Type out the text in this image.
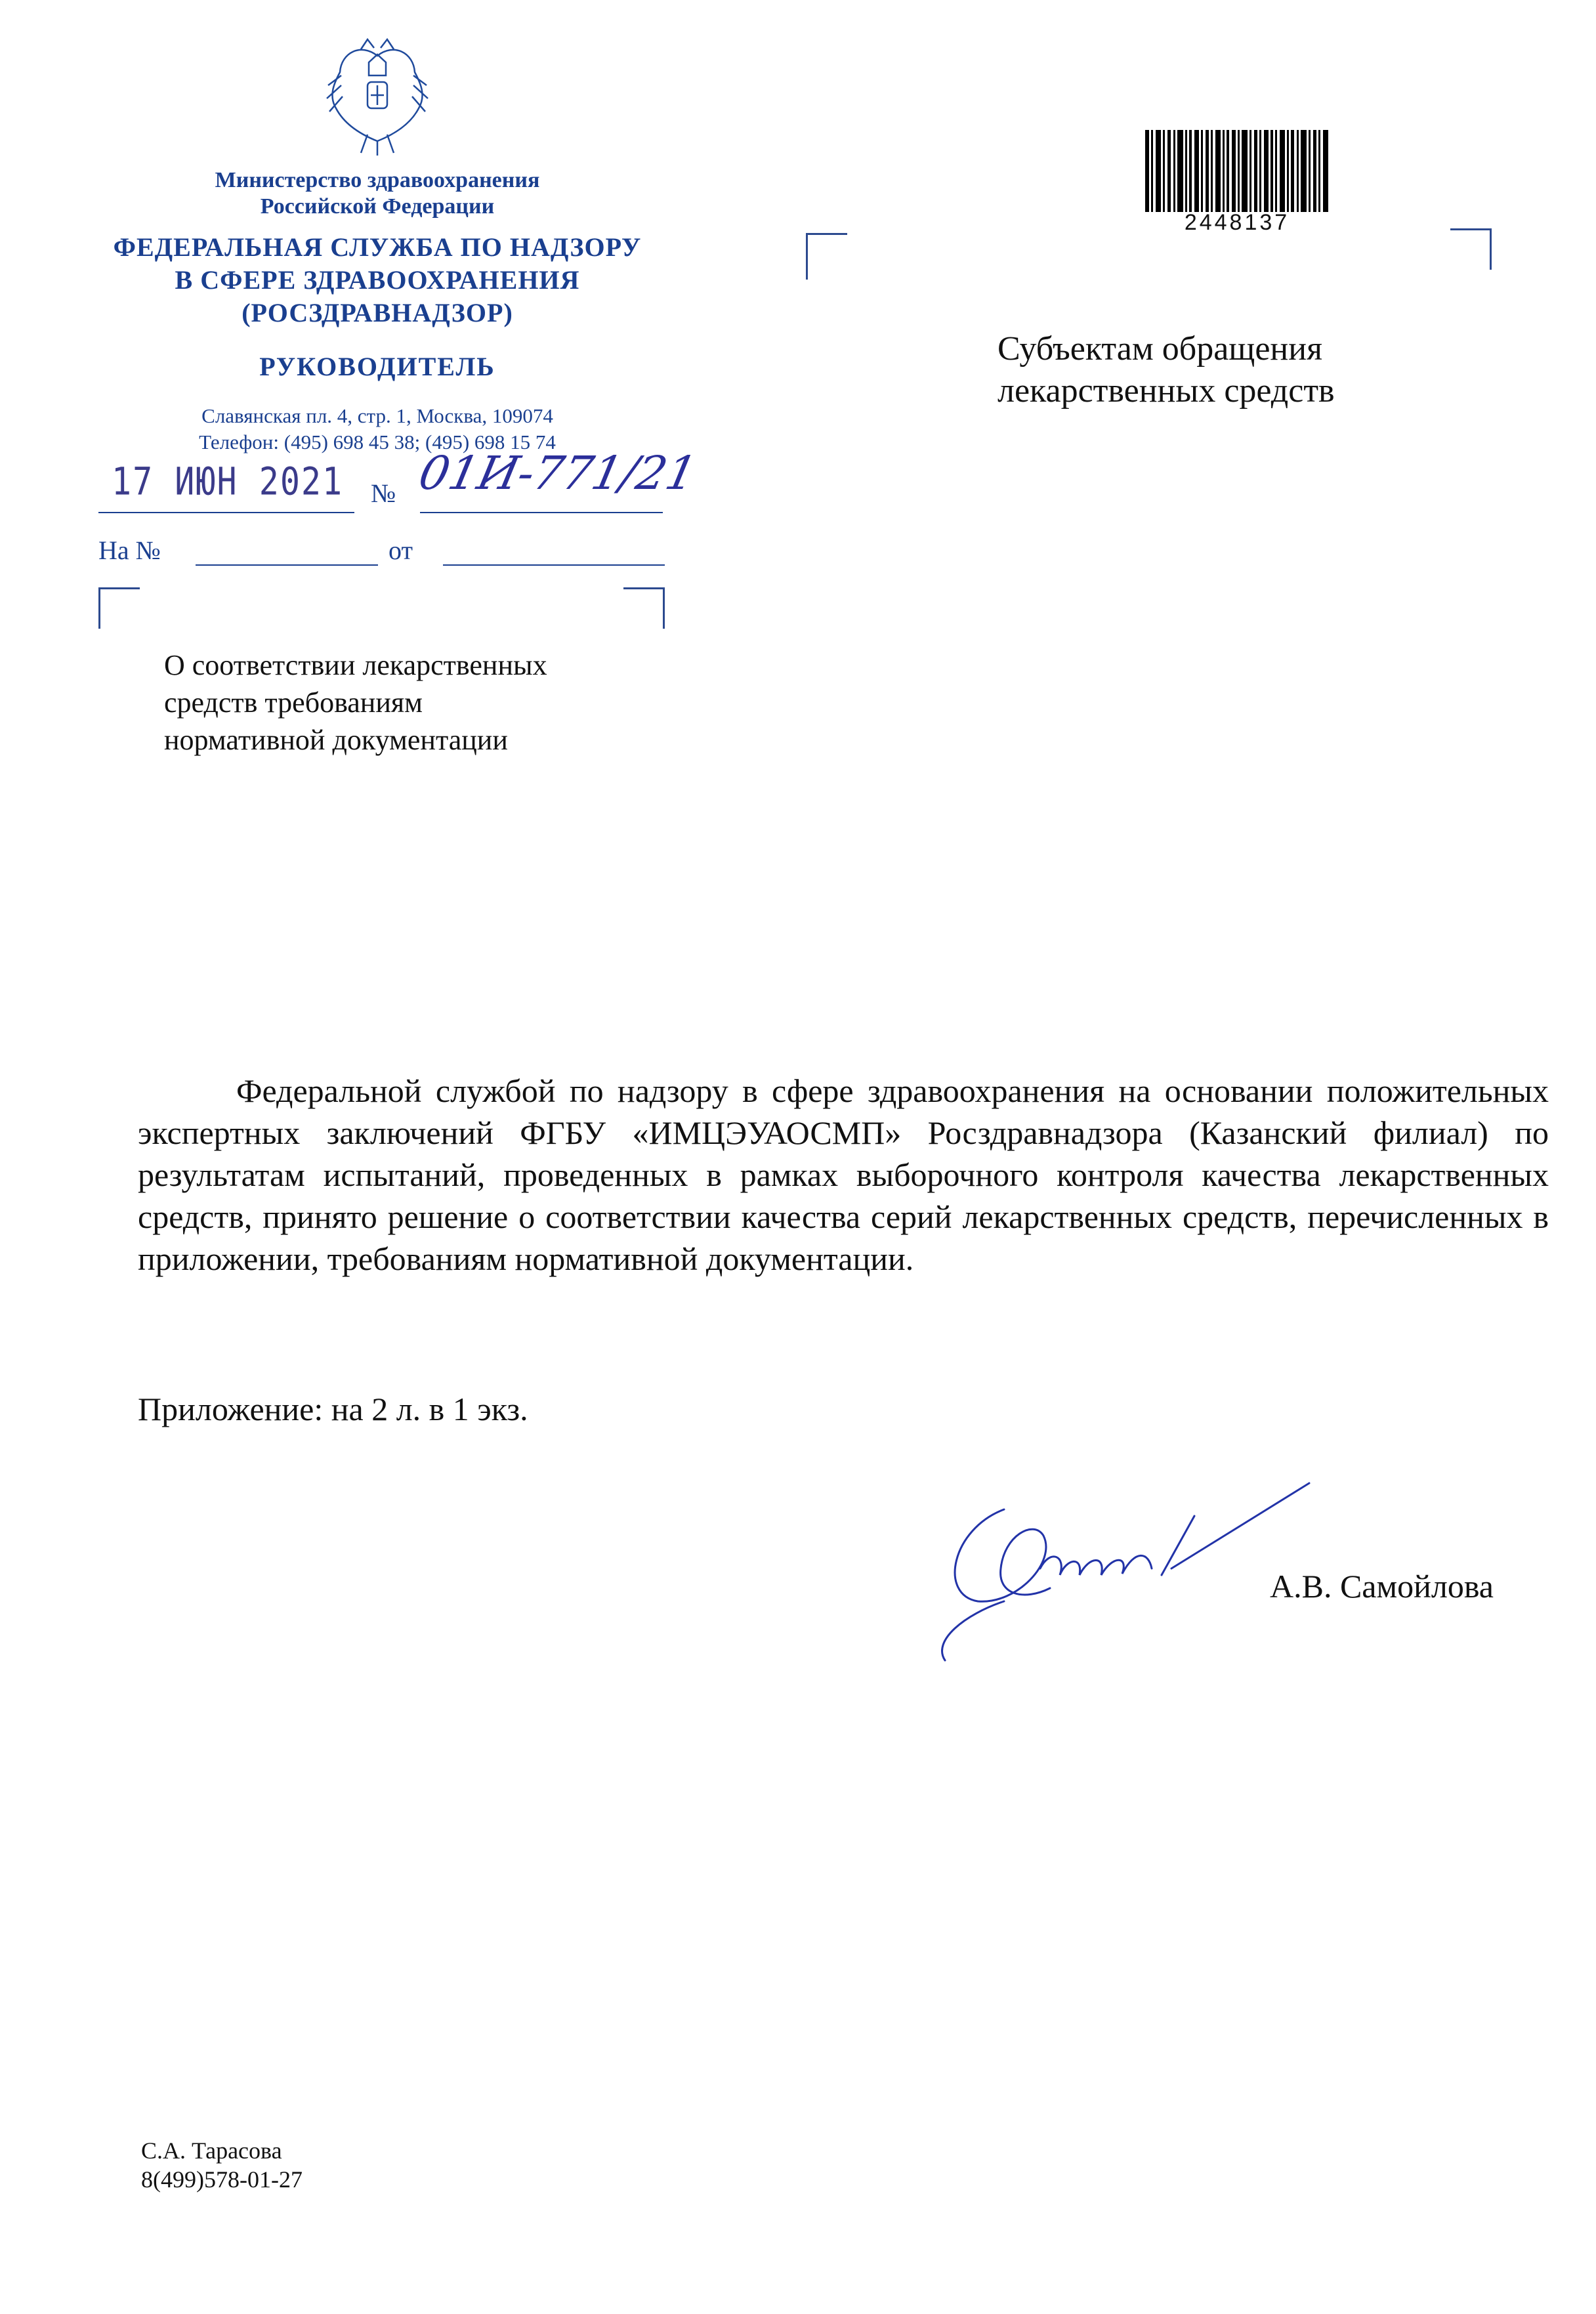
Министерство здравоохранения
Российской Федерации
ФЕДЕРАЛЬНАЯ СЛУЖБА ПО НАДЗОРУ
В СФЕРЕ ЗДРАВООХРАНЕНИЯ
(РОСЗДРАВНАДЗОР)
РУКОВОДИТЕЛЬ
Славянская пл. 4, стр. 1, Москва, 109074
Телефон: (495) 698 45 38; (495) 698 15 74
17 ИЮН 2021 № 01И-771/21
На №	от
2448137
Субъектам обращения
лекарственных средств
О соответствии лекарственных
средств требованиям
нормативной документации
Федеральной службой по надзору в сфере здравоохранения на основании положительных экспертных заключений ФГБУ «ИМЦЭУАОСМП» Росздравнадзора (Казанский филиал) по результатам испытаний, проведенных в рамках выборочного контроля качества лекарственных средств, принято решение о соответствии качества серий лекарственных средств, перечисленных в приложении, требованиям нормативной документации.
Приложение: на 2 л. в 1 экз.
А.В. Самойлова
С.А. Тарасова
8(499)578-01-27
